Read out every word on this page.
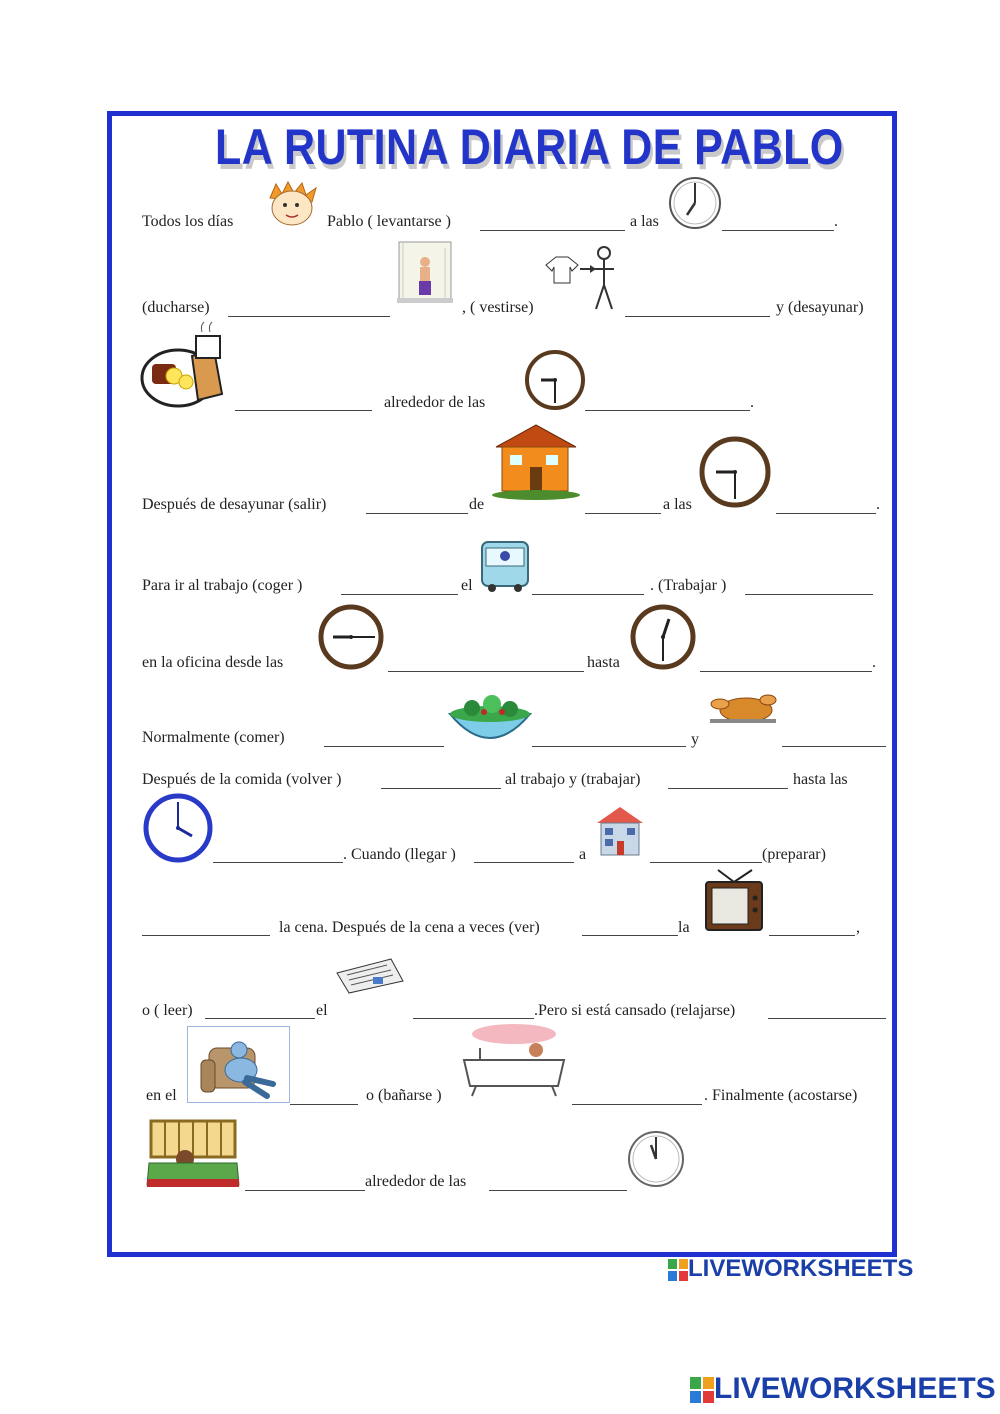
LA RUTINA DIARIA DE PABLO
Todos los días	Pablo ( levantarse )	a las	.
(ducharse)	, ( vestirse)	y (desayunar)
alrededor de las	.
Después de desayunar (salir)	de	a las	.
Para ir al trabajo (coger )	el	. (Trabajar )
en la oficina desde las	hasta	.
Normalmente (comer)	y
Después de la comida (volver )	al trabajo y (trabajar)	hasta las
. Cuando (llegar )	a	(preparar)
la cena. Después de la cena a veces (ver)	la	,
o ( leer)	el	.Pero si está cansado (relajarse)
en el	o (bañarse )	. Finalmente (acostarse)
alrededor de las
LIVEWORKSHEETS
LIVEWORKSHEETS
